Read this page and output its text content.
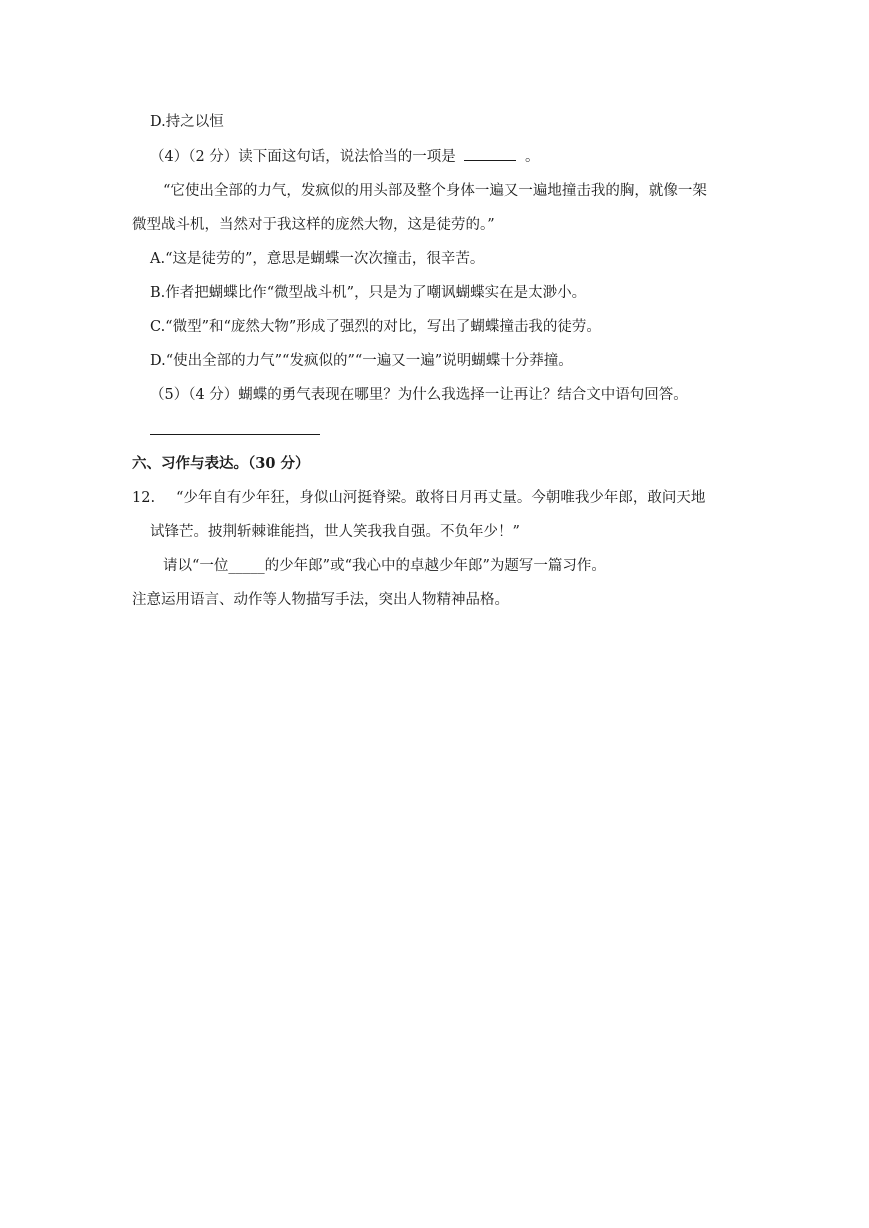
D.持之以恒
（4）（2 分）读下面这句话，说法恰当的一项是	。
“它使出全部的力气，发疯似的用头部及整个身体一遍又一遍地撞击我的胸，就像一架
微型战斗机，当然对于我这样的庞然大物，这是徒劳的。”
A.“这是徒劳的”，意思是蝴蝶一次次撞击，很辛苦。
B.作者把蝴蝶比作“微型战斗机”，只是为了嘲讽蝴蝶实在是太渺小。
C.“微型”和“庞然大物”形成了强烈的对比，写出了蝴蝶撞击我的徒劳。
D.“使出全部的力气”“发疯似的”“一遍又一遍”说明蝴蝶十分莽撞。
（5）（4 分）蝴蝶的勇气表现在哪里？为什么我选择一让再让？结合文中语句回答。
六、习作与表达。（30 分）
12. “少年自有少年狂，身似山河挺脊梁。敢将日月再丈量。今朝唯我少年郎，敢问天地
试锋芒。披荆斩棘谁能挡，世人笑我我自强。不负年少！”
请以“一位_____的少年郎”或“我心中的卓越少年郎”为题写一篇习作。
注意运用语言、动作等人物描写手法，突出人物精神品格。
